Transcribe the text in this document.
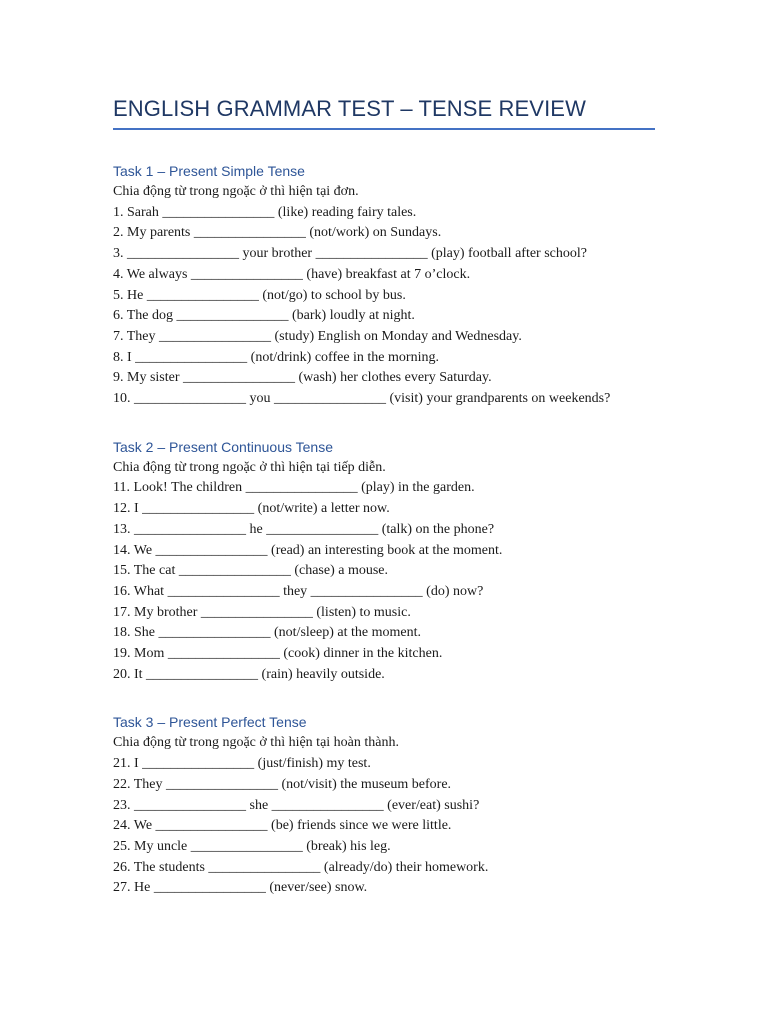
ENGLISH GRAMMAR TEST – TENSE REVIEW
Task 1 – Present Simple Tense
Chia động từ trong ngoặc ở thì hiện tại đơn.
1. Sarah ________________ (like) reading fairy tales.
2. My parents ________________ (not/work) on Sundays.
3. ________________ your brother ________________ (play) football after school?
4. We always ________________ (have) breakfast at 7 o’clock.
5. He ________________ (not/go) to school by bus.
6. The dog ________________ (bark) loudly at night.
7. They ________________ (study) English on Monday and Wednesday.
8. I ________________ (not/drink) coffee in the morning.
9. My sister ________________ (wash) her clothes every Saturday.
10. ________________ you ________________ (visit) your grandparents on weekends?
Task 2 – Present Continuous Tense
Chia động từ trong ngoặc ở thì hiện tại tiếp diễn.
11. Look! The children ________________ (play) in the garden.
12. I ________________ (not/write) a letter now.
13. ________________ he ________________ (talk) on the phone?
14. We ________________ (read) an interesting book at the moment.
15. The cat ________________ (chase) a mouse.
16. What ________________ they ________________ (do) now?
17. My brother ________________ (listen) to music.
18. She ________________ (not/sleep) at the moment.
19. Mom ________________ (cook) dinner in the kitchen.
20. It ________________ (rain) heavily outside.
Task 3 – Present Perfect Tense
Chia động từ trong ngoặc ở thì hiện tại hoàn thành.
21. I ________________ (just/finish) my test.
22. They ________________ (not/visit) the museum before.
23. ________________ she ________________ (ever/eat) sushi?
24. We ________________ (be) friends since we were little.
25. My uncle ________________ (break) his leg.
26. The students ________________ (already/do) their homework.
27. He ________________ (never/see) snow.
